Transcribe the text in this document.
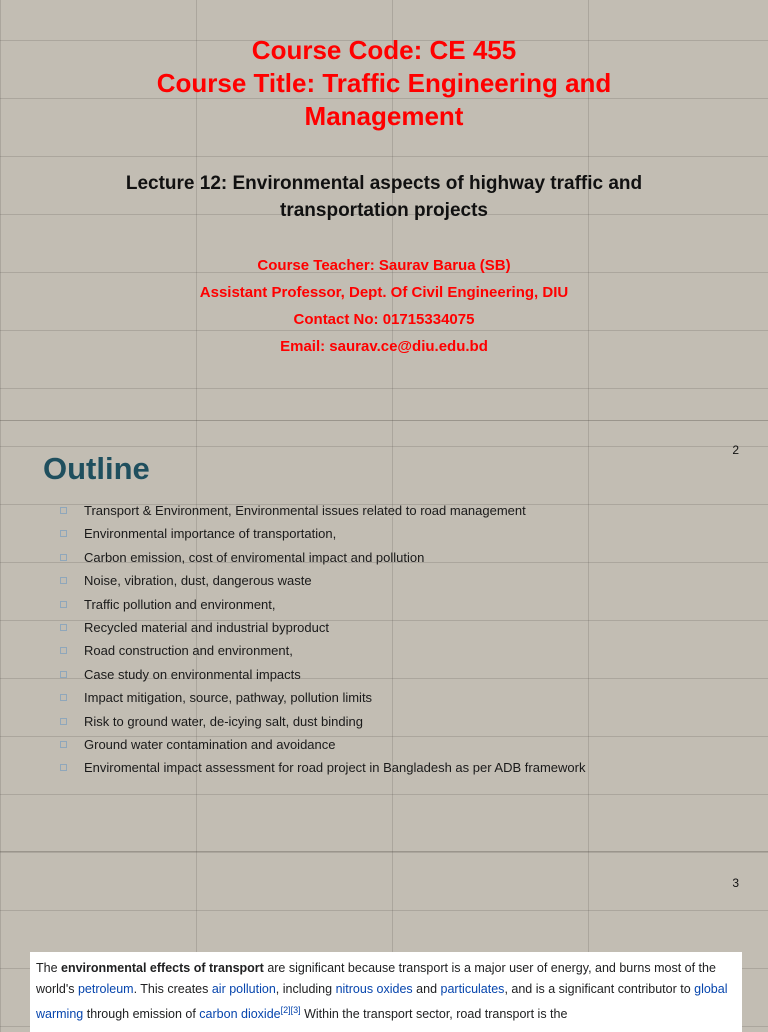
Course Code: CE 455
Course Title: Traffic Engineering and
Management
Lecture 12: Environmental aspects of highway traffic and transportation projects
Course Teacher: Saurav Barua (SB)
Assistant Professor, Dept. Of Civil Engineering, DIU
Contact No: 01715334075
Email: saurav.ce@diu.edu.bd
2
Outline
Transport & Environment, Environmental issues related to road management
Environmental importance of transportation,
Carbon emission, cost of enviromental impact and pollution
Noise, vibration, dust, dangerous waste
Traffic pollution and environment,
Recycled material and industrial byproduct
Road construction and environment,
Case study on environmental impacts
Impact mitigation, source, pathway, pollution limits
Risk to ground water, de-icying salt, dust binding
Ground water contamination and avoidance
Enviromental impact assessment for road project in Bangladesh as per ADB framework
3
The environmental effects of transport are significant because transport is a major user of energy, and burns most of the world's petroleum. This creates air pollution, including nitrous oxides and particulates, and is a significant contributor to global warming through emission of carbon dioxide[2][3] Within the transport sector, road transport is the
